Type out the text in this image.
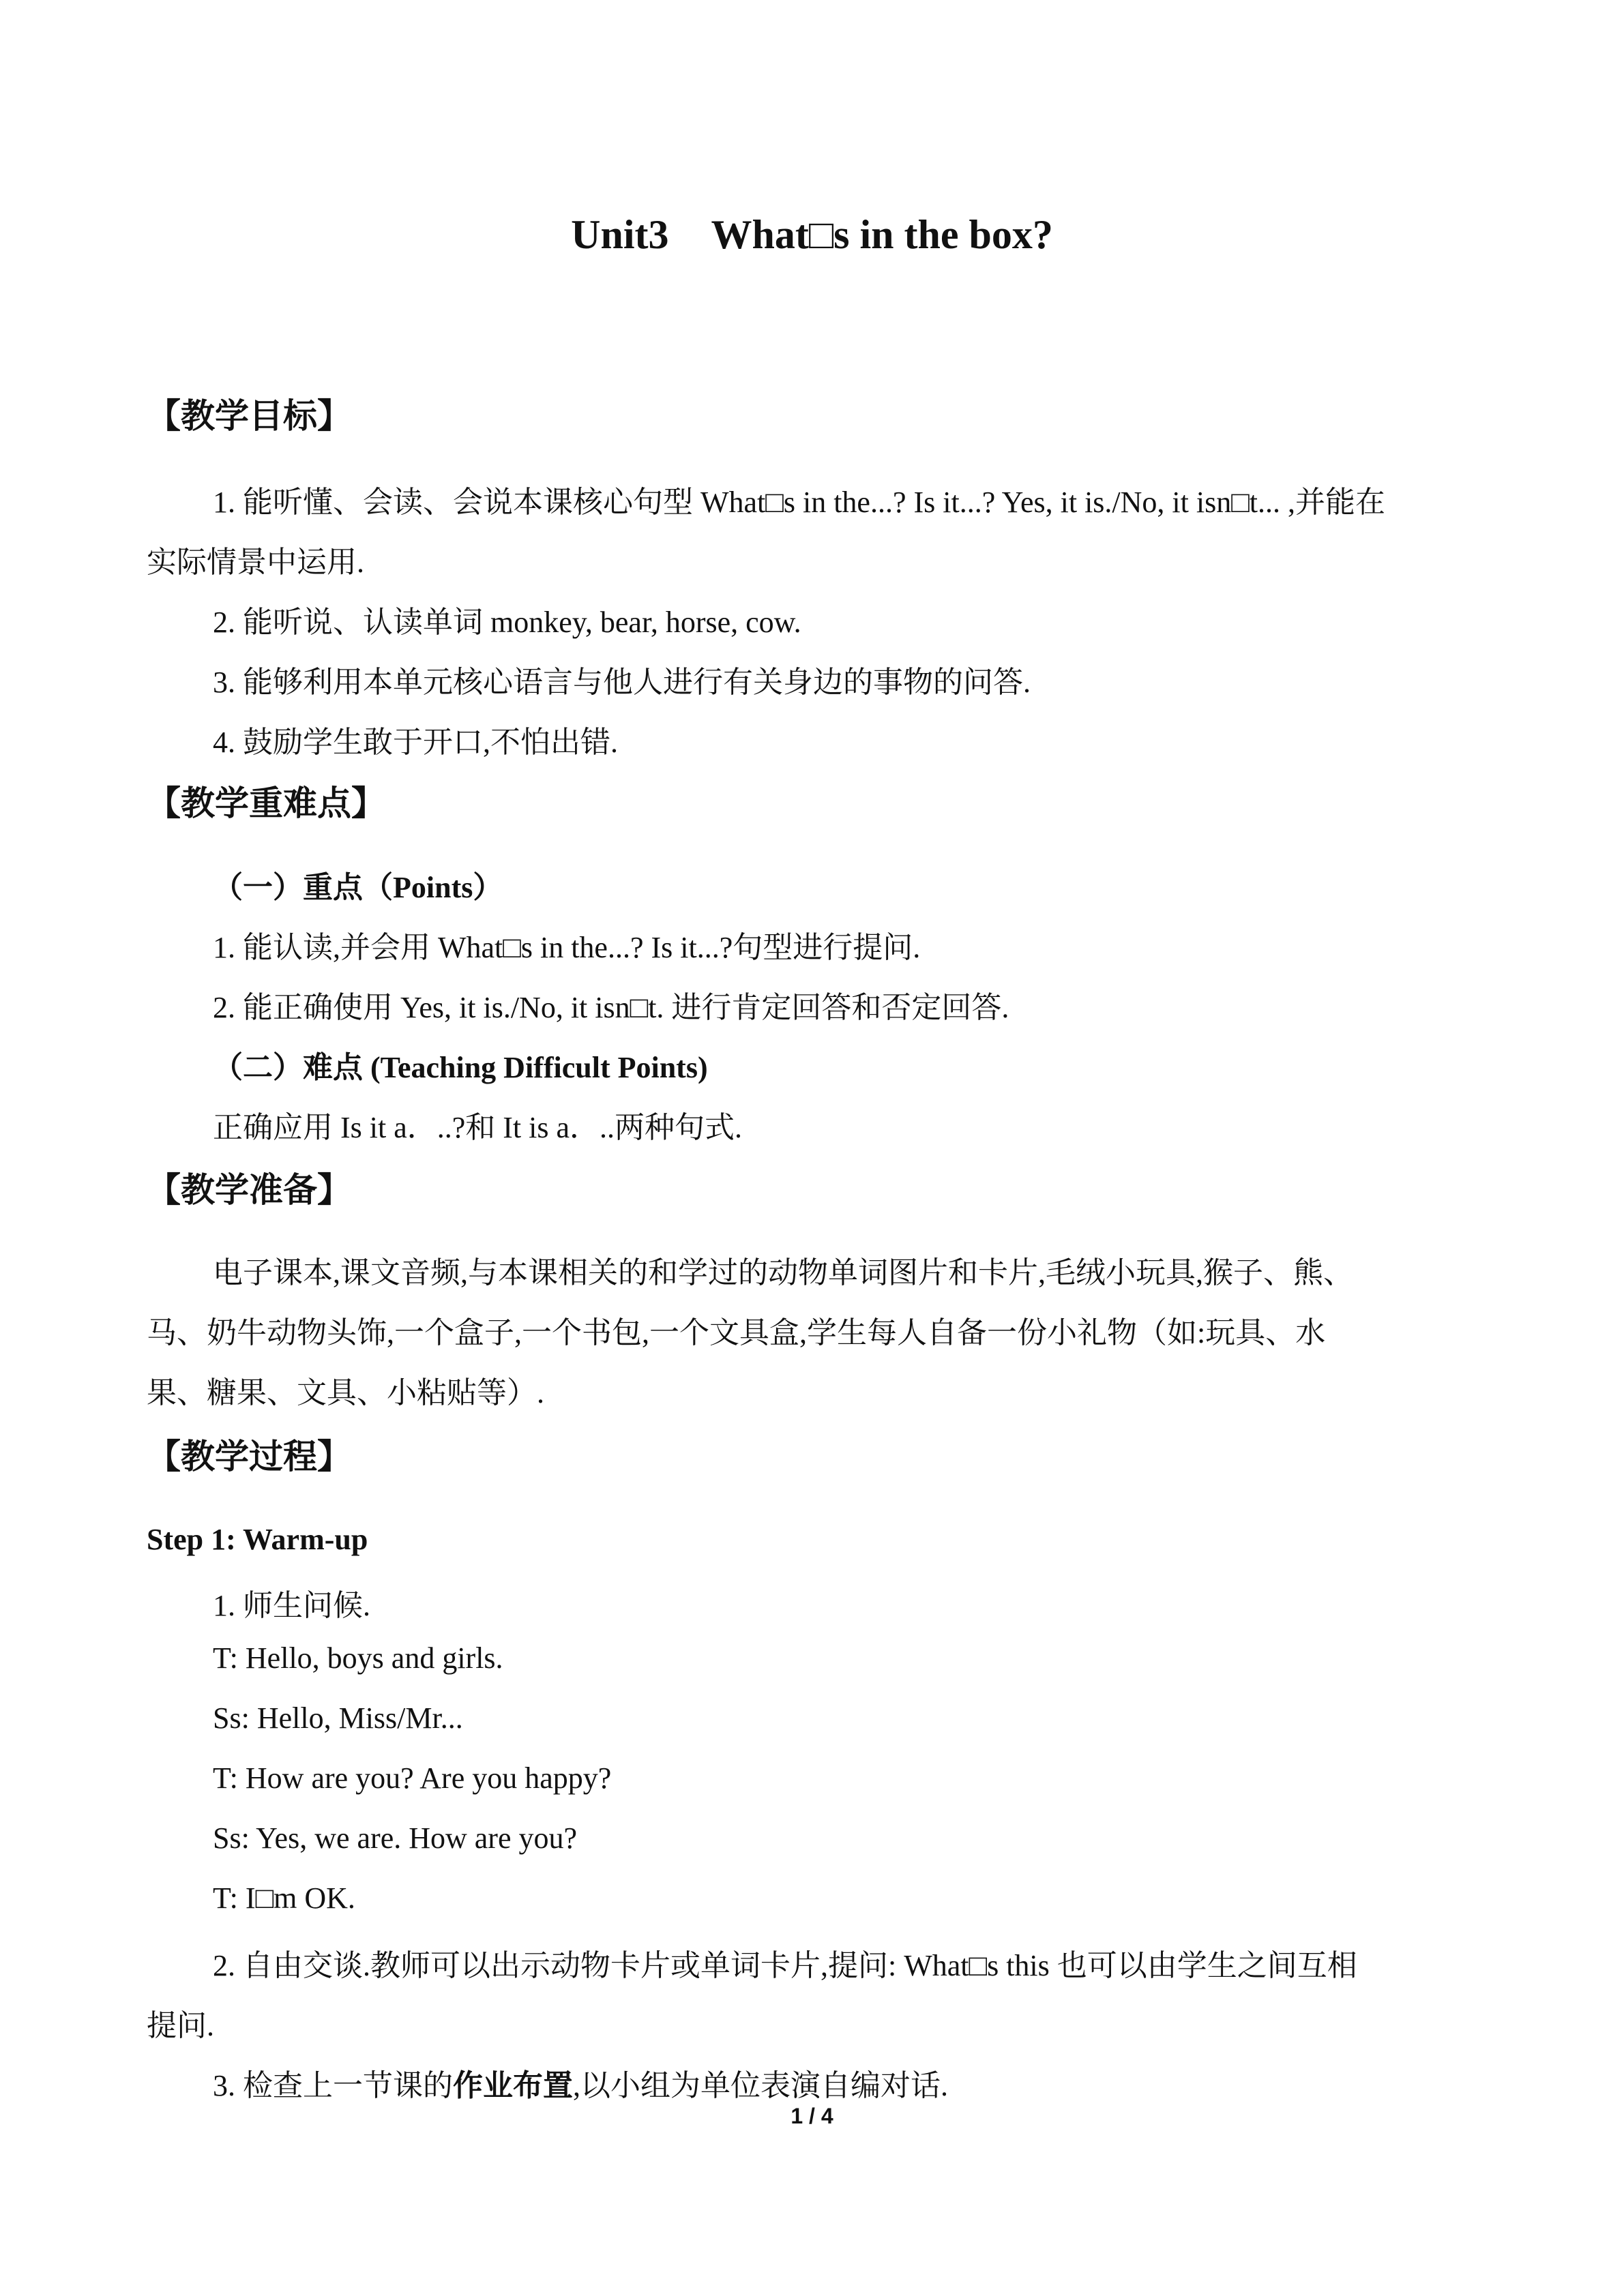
Unit3 What□s in the box?
【教学目标】
1. 能听懂、会读、会说本课核心句型 What□s in the...? Is it...? Yes, it is./No, it isn□t... ,并能在
实际情景中运用.
2. 能听说、认读单词 monkey, bear, horse, cow.
3. 能够利用本单元核心语言与他人进行有关身边的事物的问答.
4. 鼓励学生敢于开口,不怕出错.
【教学重难点】
（一）重点（Points）
1. 能认读,并会用 What□s in the...? Is it...?句型进行提问.
2. 能正确使用 Yes, it is./No, it isn□t. 进行肯定回答和否定回答.
（二）难点 (Teaching Difficult Points)
正确应用 Is it a．..?和 It is a．..两种句式.
【教学准备】
电子课本,课文音频,与本课相关的和学过的动物单词图片和卡片,毛绒小玩具,猴子、熊、
马、奶牛动物头饰,一个盒子,一个书包,一个文具盒,学生每人自备一份小礼物（如:玩具、水
果、糖果、文具、小粘贴等）.
【教学过程】
Step 1: Warm-up
1. 师生问候.
T: Hello, boys and girls.
Ss: Hello, Miss/Mr...
T: How are you? Are you happy?
Ss: Yes, we are. How are you?
T: I□m OK.
2. 自由交谈.教师可以出示动物卡片或单词卡片,提问: What□s this 也可以由学生之间互相
提问.
3. 检查上一节课的作业布置,以小组为单位表演自编对话.
1 / 4
